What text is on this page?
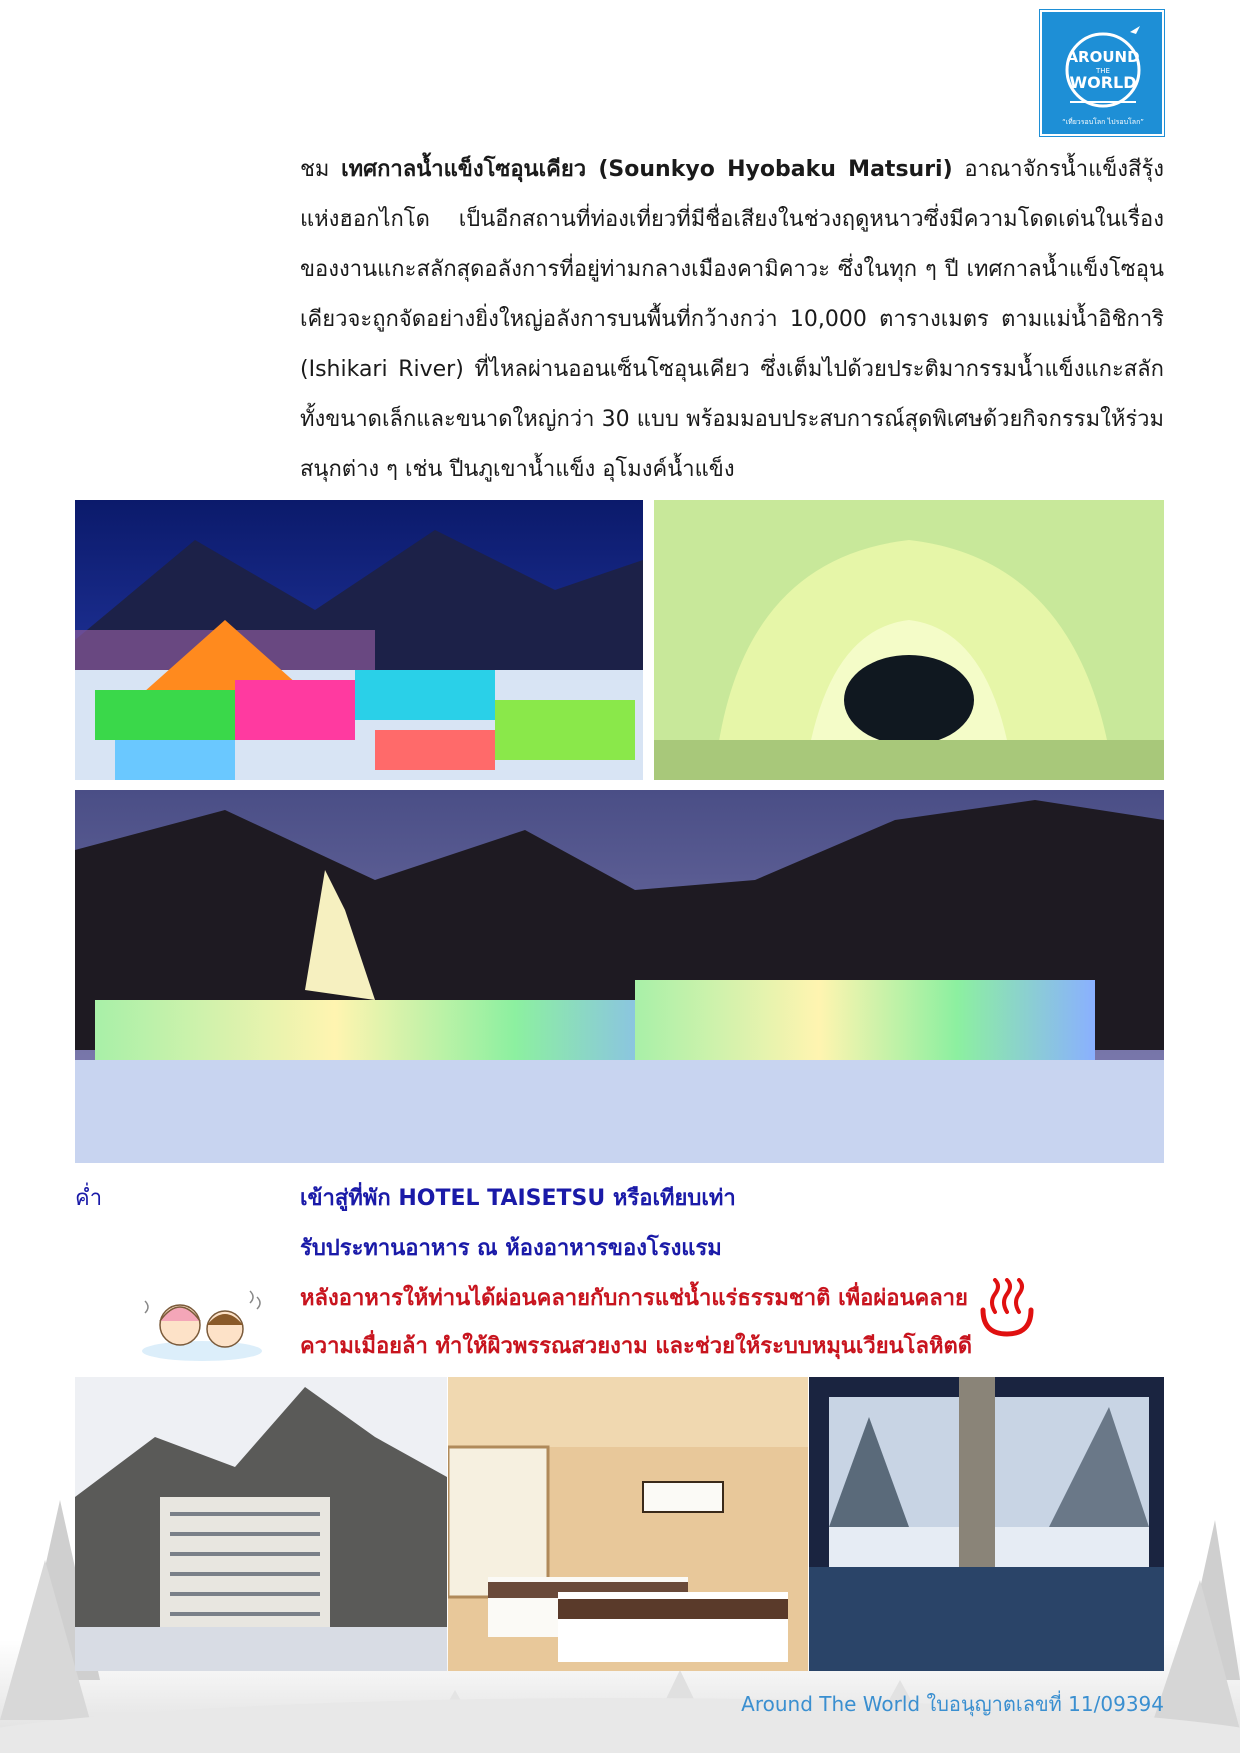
AROUND
THE
WORLD
“เที่ยวรอบโลก ไปรอบโลก”
ชม เทศกาลน้ำแข็งโซอุนเคียว (Sounkyo Hyobaku Matsuri) อาณาจักรน้ำแข็งสีรุ้งแห่งฮอกไกโด เป็นอีกสถานที่ท่องเที่ยวที่มีชื่อเสียงในช่วงฤดูหนาวซึ่งมีความโดดเด่นในเรื่องของงานแกะสลักสุดอลังการที่อยู่ท่ามกลางเมืองคามิคาวะ ซึ่งในทุก ๆ ปี เทศกาลน้ำแข็งโซอุนเคียวจะถูกจัดอย่างยิ่งใหญ่อลังการบนพื้นที่กว้างกว่า 10,000 ตารางเมตร ตามแม่น้ำอิชิการิ (Ishikari River) ที่ไหลผ่านออนเซ็นโซอุนเคียว ซึ่งเต็มไปด้วยประติมากรรมน้ำแข็งแกะสลักทั้งขนาดเล็กและขนาดใหญ่กว่า 30 แบบ พร้อมมอบประสบการณ์สุดพิเศษด้วยกิจกรรมให้ร่วมสนุกต่าง ๆ เช่น ปีนภูเขาน้ำแข็ง อุโมงค์น้ำแข็ง
ค่ำ	เข้าสู่ที่พัก HOTEL TAISETSU หรือเทียบเท่า
รับประทานอาหาร ณ ห้องอาหารของโรงแรม
หลังอาหารให้ท่านได้ผ่อนคลายกับการแช่น้ำแร่ธรรมชาติ เพื่อผ่อนคลาย
ความเมื่อยล้า ทำให้ผิวพรรณสวยงาม และช่วยให้ระบบหมุนเวียนโลหิตดี
Around The World ใบอนุญาตเลขที่ 11/09394
